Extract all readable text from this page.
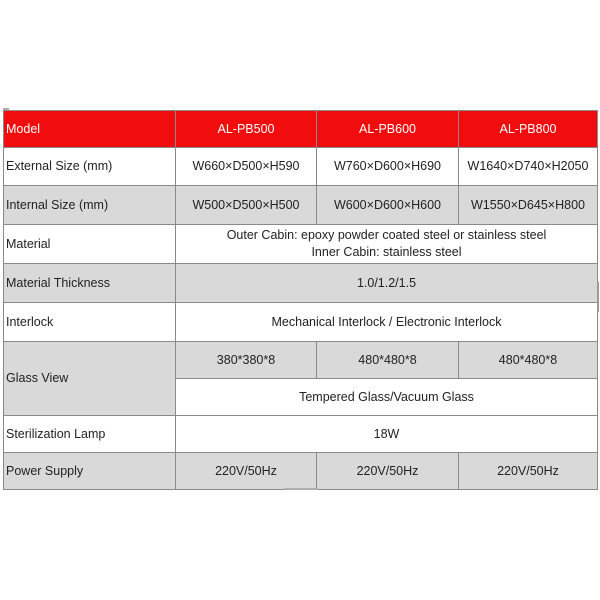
Model	AL-PB500	AL-PB600	AL-PB800
External Size (mm)	W660×D500×H590	W760×D600×H690	W1640×D740×H2050
Internal Size (mm)	W500×D500×H500	W600×D600×H600	W1550×D645×H800
Material	Outer Cabin: epoxy powder coated steel or stainless steel
Inner Cabin: stainless steel		

Material Thickness	1.0/1.2/1.5		
Interlock	Mechanical Interlock / Electronic Interlock		
Glass View	380*380*8	480*480*8	480*480*8
	Tempered Glass/Vacuum Glass		
Sterilization Lamp	18W		
Power Supply	220V/50Hz	220V/50Hz	220V/50Hz
